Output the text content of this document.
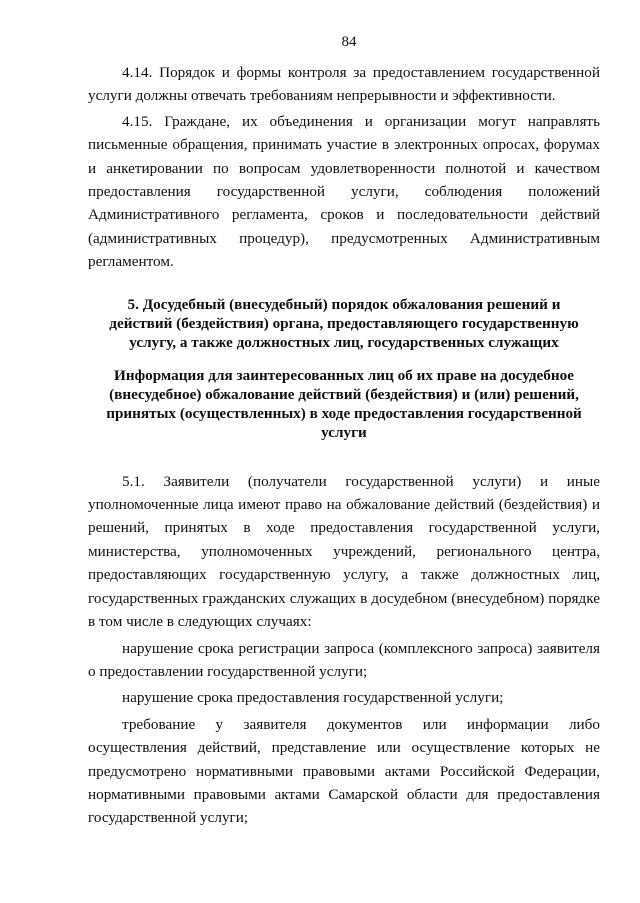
84

4.14. Порядок и формы контроля за предоставлением государственной услуги должны отвечать требованиям непрерывности и эффективности.

4.15. Граждане, их объединения и организации могут направлять письменные обращения, принимать участие в электронных опросах, форумах и анкетировании по вопросам удовлетворенности полнотой и качеством предоставления государственной услуги, соблюдения положений Административного регламента, сроков и последовательности действий (административных процедур), предусмотренных Административным регламентом.

5. Досудебный (внесудебный) порядок обжалования решений и действий (бездействия) органа, предоставляющего государственную услугу, а также должностных лиц, государственных служащих
Информация для заинтересованных лиц об их праве на досудебное (внесудебное) обжалование действий (бездействия) и (или) решений, принятых (осуществленных) в ходе предоставления государственной услуги

5.1. Заявители (получатели государственной услуги) и иные уполномоченные лица имеют право на обжалование действий (бездействия) и решений, принятых в ходе предоставления государственной услуги, министерства, уполномоченных учреждений, регионального центра, предоставляющих государственную услугу, а также должностных лиц, государственных гражданских служащих в досудебном (внесудебном) порядке в том числе в следующих случаях:

нарушение срока регистрации запроса (комплексного запроса) заявителя о предоставлении государственной услуги;

нарушение срока предоставления государственной услуги;

требование у заявителя документов или информации либо осуществления действий, представление или осуществление которых не предусмотрено нормативными правовыми актами Российской Федерации, нормативными правовыми актами Самарской области для предоставления государственной услуги;
